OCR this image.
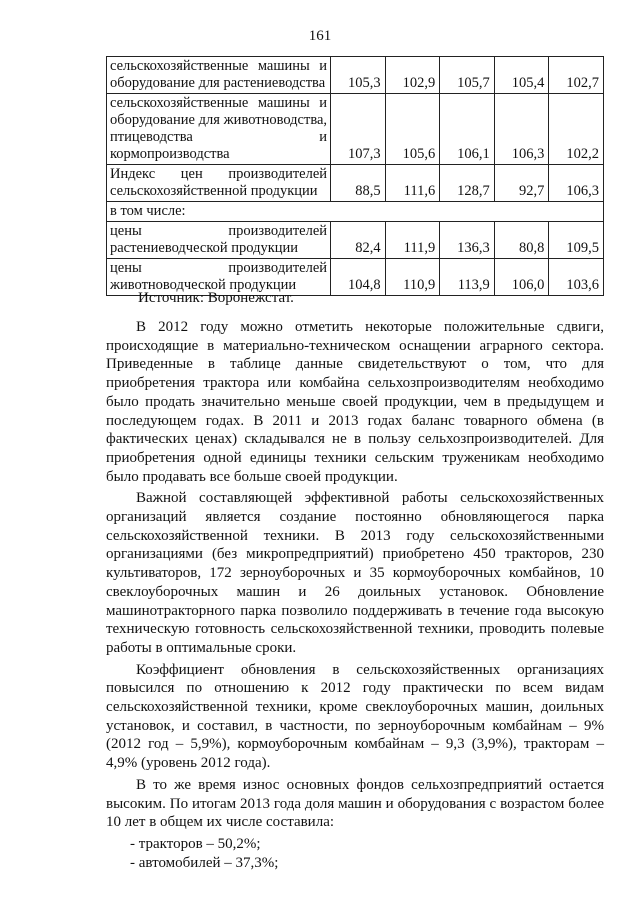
161
сельскохозяйственные машины и оборудование для растениеводства	105,3	102,9	105,7	105,4	102,7
сельскохозяйственные машины и оборудование для животноводства, птицеводства и кормопроизводства	107,3	105,6	106,1	106,3	102,2
Индекс цен производителей сельскохозяйственной продукции	88,5	111,6	128,7	92,7	106,3
в том числе:					
цены производителей растениеводческой продукции	82,4	111,9	136,3	80,8	109,5
цены производителей животноводческой продукции	104,8	110,9	113,9	106,0	103,6
Источник: Воронежстат.

В 2012 году можно отметить некоторые положительные сдвиги, происходящие в материально-техническом оснащении аграрного сектора. Приведенные в таблице данные свидетельствуют о том, что для приобретения трактора или комбайна сельхозпроизводителям необходимо было продать значительно меньше своей продукции, чем в предыдущем и последующем годах. В 2011 и 2013 годах баланс товарного обмена (в фактических ценах) складывался не в пользу сельхозпроизводителей. Для приобретения одной единицы техники сельским труженикам необходимо было продавать все больше своей продукции.

Важной составляющей эффективной работы сельскохозяйственных организаций является создание постоянно обновляющегося парка сельскохозяйственной техники. В 2013 году сельскохозяйственными организациями (без микропредприятий) приобретено 450 тракторов, 230 культиваторов, 172 зерноуборочных и 35 кормоуборочных комбайнов, 10 свеклоуборочных машин и 26 доильных установок. Обновление машинотракторного парка позволило поддерживать в течение года высокую техническую готовность сельскохозяйственной техники, проводить полевые работы в оптимальные сроки.

Коэффициент обновления в сельскохозяйственных организациях повысился по отношению к 2012 году практически по всем видам сельскохозяйственной техники, кроме свеклоуборочных машин, доильных установок, и составил, в частности, по зерноуборочным комбайнам – 9% (2012 год – 5,9%), кормоуборочным комбайнам – 9,3 (3,9%), тракторам – 4,9% (уровень 2012 года).

В то же время износ основных фондов сельхозпредприятий остается высоким. По итогам 2013 года доля машин и оборудования с возрастом более 10 лет в общем их числе составила:

- тракторов – 50,2%;
- автомобилей – 37,3%;
